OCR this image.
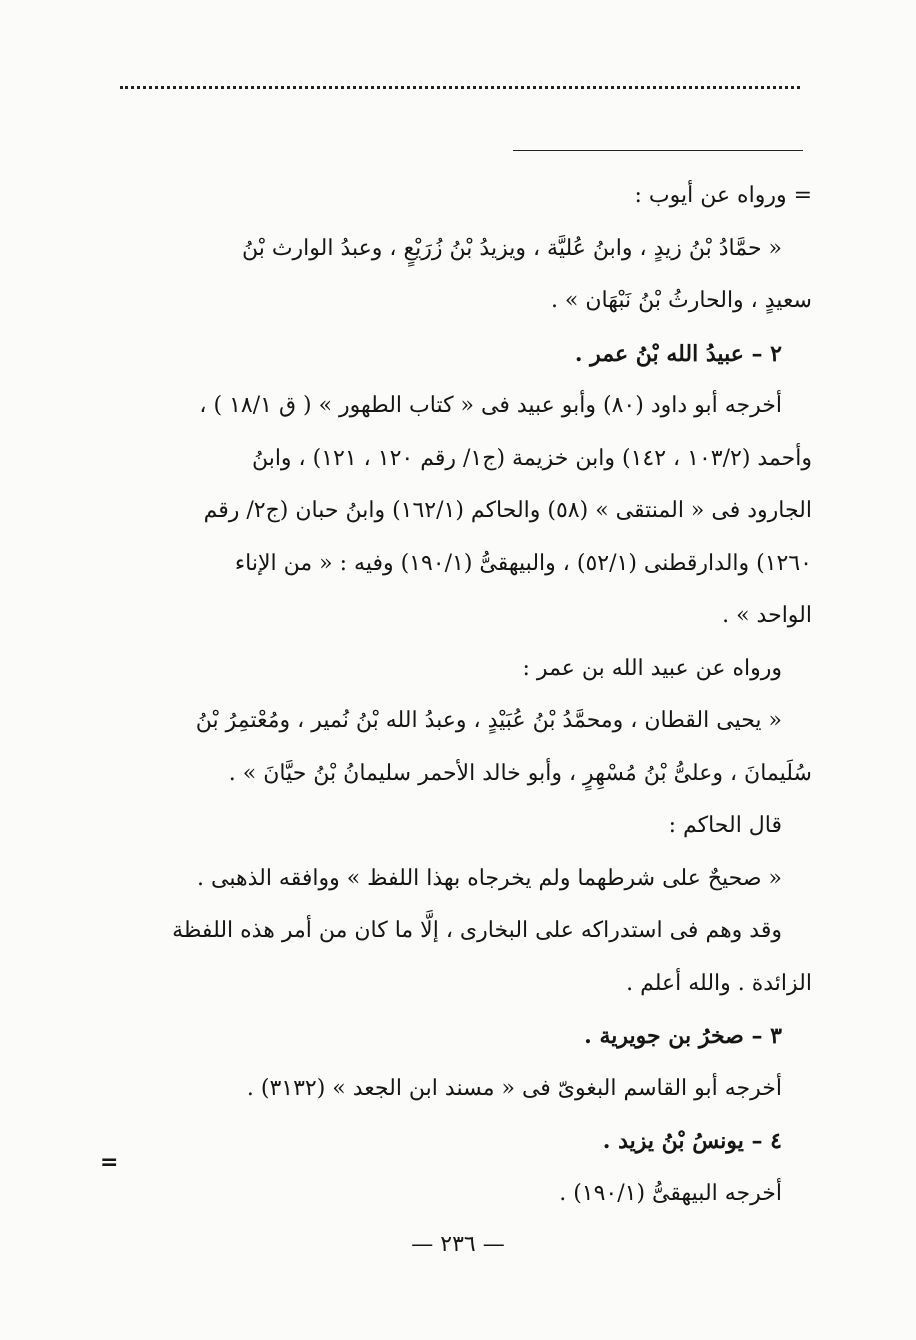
= ورواه عن أيوب :
« حمَّادُ بْنُ زيدٍ ، وابنُ عُليَّة ، ويزيدُ بْنُ زُرَيْعٍ ، وعبدُ الوارث بْنُ
سعيدٍ ، والحارثُ بْنُ نَبْهَان » .
٢ – عبيدُ الله بْنُ عمر .
أخرجه أبو داود (٨٠) وأبو عبيد فى « كتاب الطهور » ( ق ١٨/١ ) ،
وأحمد (١٠٣/٢ ، ١٤٢) وابن خزيمة (ج١/ رقم ١٢٠ ، ١٢١) ، وابنُ
الجارود فى « المنتقى » (٥٨) والحاكم (١٦٢/١) وابنُ حبان (ج٢/ رقم
١٢٦٠) والدارقطنى (٥٢/١) ، والبيهقىُّ (١٩٠/١) وفيه : « من الإناء
الواحد » .
ورواه عن عبيد الله بن عمر :
« يحيى القطان ، ومحمَّدُ بْنُ عُبَيْدٍ ، وعبدُ الله بْنُ نُمير ، ومُعْتمِرُ بْنُ
سُلَيمانَ ، وعلىُّ بْنُ مُسْهِرٍ ، وأبو خالد الأحمر سليمانُ بْنُ حيَّانَ » .
قال الحاكم :
« صحيحٌ على شرطهما ولم يخرجاه بهذا اللفظ » ووافقه الذهبى .
وقد وهم فى استدراكه على البخارى ، إلَّا ما كان من أمر هذه اللفظة
الزائدة . والله أعلم .
٣ – صخرُ بن جويرية .
أخرجه أبو القاسم البغوىّ فى « مسند ابن الجعد » (٣١٣٢) .
٤ – يونسُ بْنُ يزيد .
أخرجه البيهقىُّ (١٩٠/١) .
=
— ٢٣٦ —
